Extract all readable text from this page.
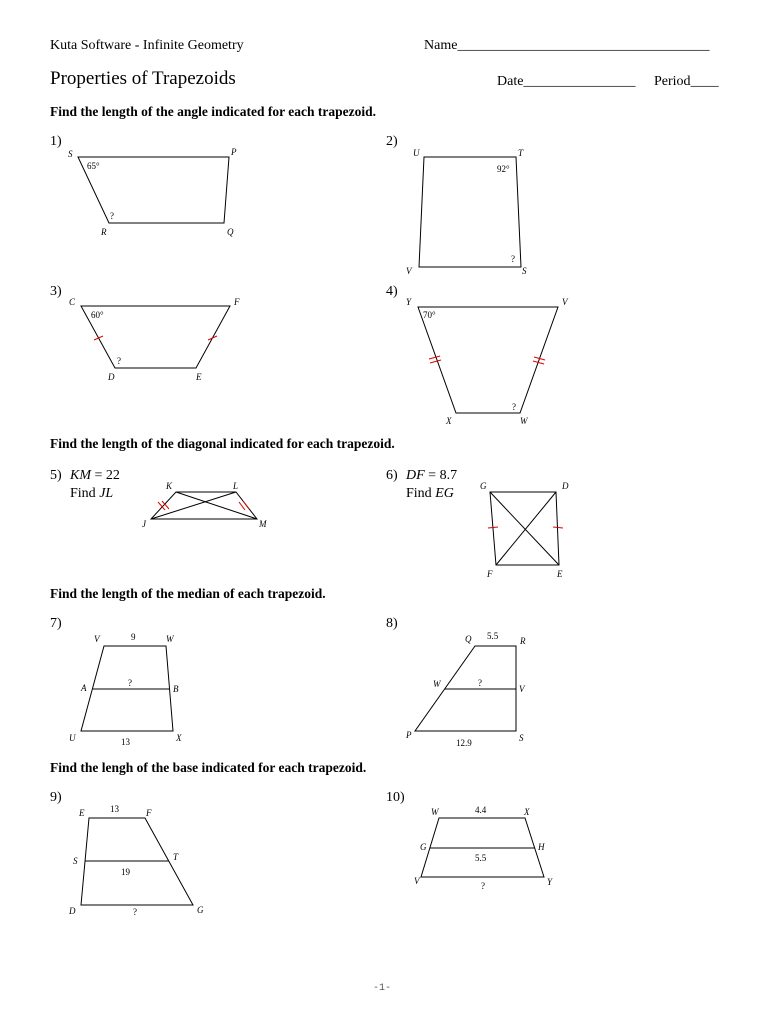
Kuta Software - Infinite Geometry	Name____________________________________
Properties of Trapezoids	Date________________ Period____
Find the length of the angle indicated for each trapezoid.
Find the length of the diagonal indicated for each trapezoid.
Find the length of the median of each trapezoid.
Find the lengh of the base indicated for each trapezoid.
1)	2)
3)	4)
5)	6)
7)	8)
9)	10)
KM = 22
Find JL
DF = 8.7
Find EG
S	P
Q
R
65°
?
U	T
S
V
92°
?
C	F
E
D
60°
?
Y	V
W
X
70°
?
K	L
M
J
G	D
E
F
V	W
X
U
A	B
9
13
?
Q	R
S
P
W	V
5.5
12.9
?
E	F
G
D
S	T
13
19
?
W	X
Y
V
G	H
4.4
5.5
?
-1-
